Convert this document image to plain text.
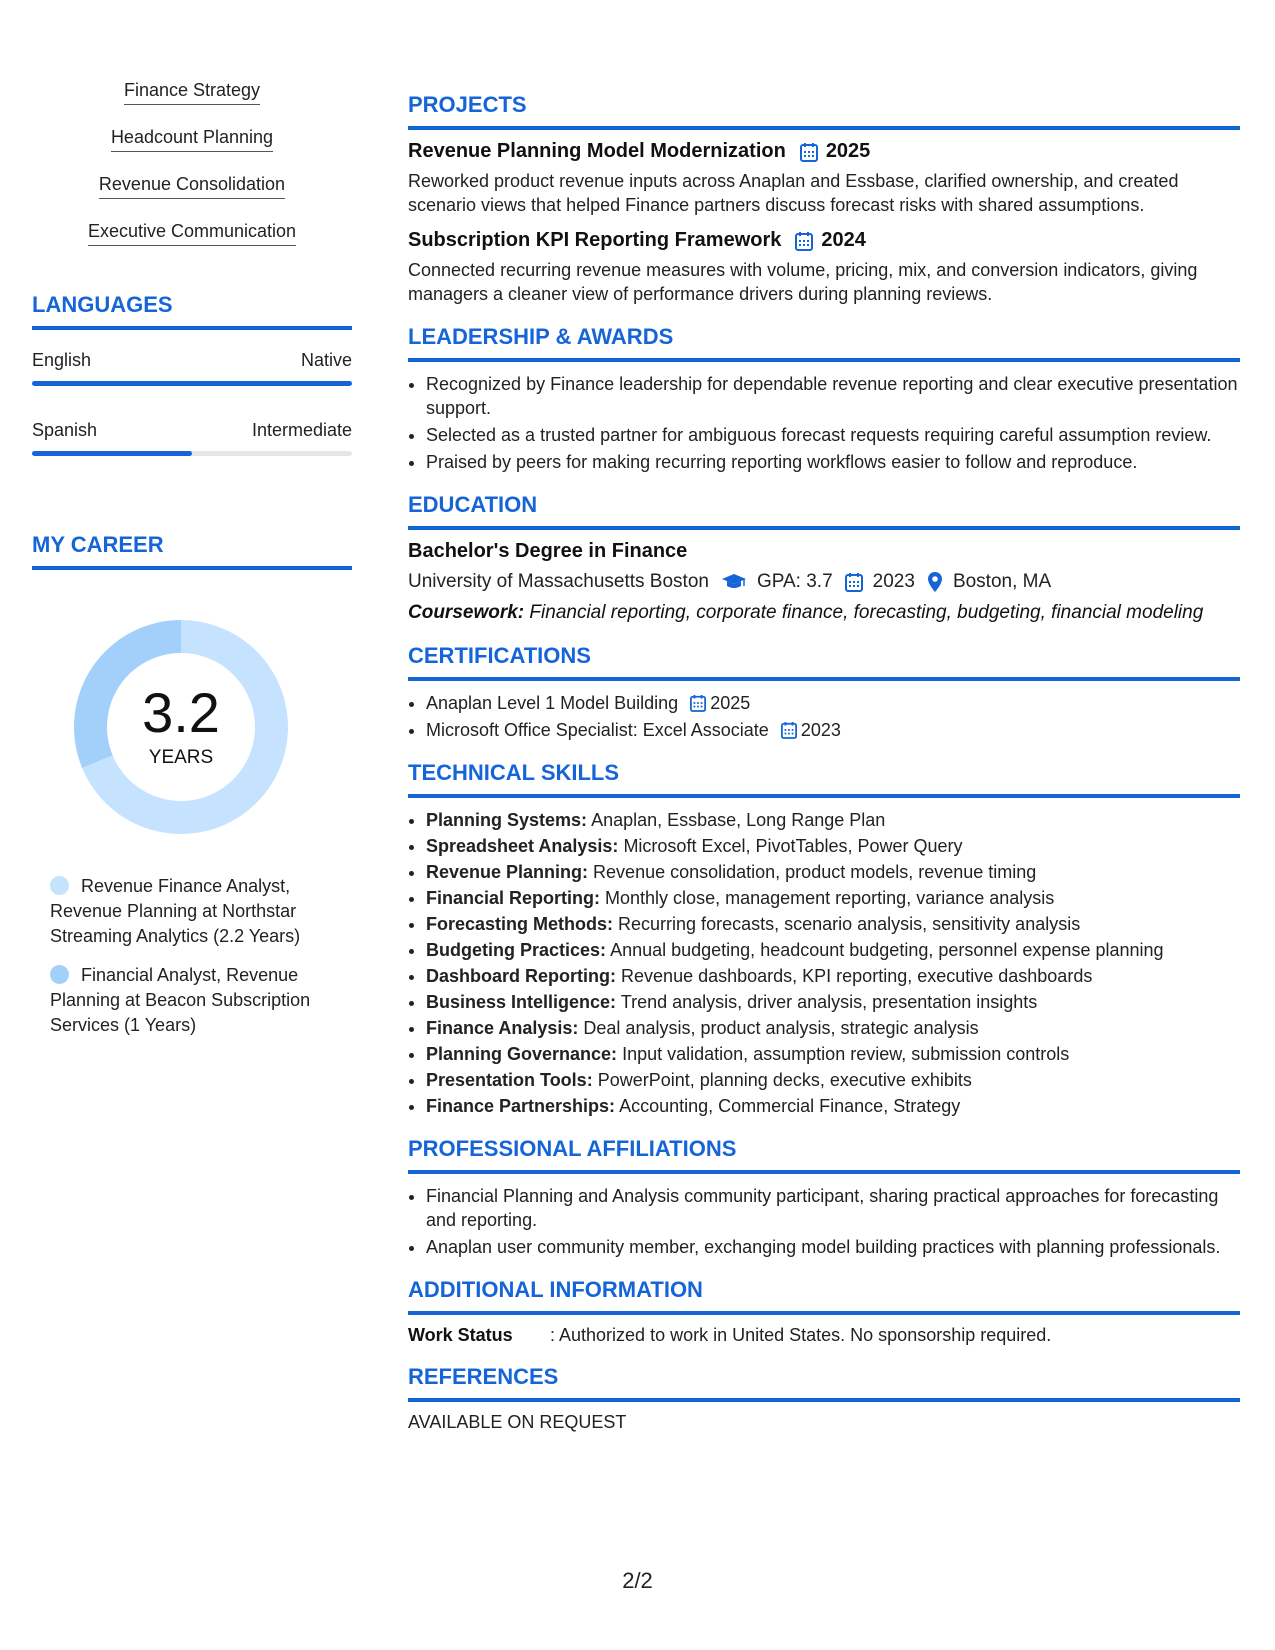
Finance Strategy
Headcount Planning
Revenue Consolidation
Executive Communication
LANGUAGES
English	Native
Spanish	Intermediate
MY CAREER
3.2
YEARS
Revenue Finance Analyst, Revenue Planning at Northstar Streaming Analytics (2.2 Years)
Financial Analyst, Revenue Planning at Beacon Subscription Services (1 Years)
PROJECTS
Revenue Planning Model Modernization 2025
Reworked product revenue inputs across Anaplan and Essbase, clarified ownership, and created scenario views that helped Finance partners discuss forecast risks with shared assumptions.
Subscription KPI Reporting Framework 2024
Connected recurring revenue measures with volume, pricing, mix, and conversion indicators, giving managers a cleaner view of performance drivers during planning reviews.
LEADERSHIP & AWARDS
• Recognized by Finance leadership for dependable revenue reporting and clear executive presentation support.
• Selected as a trusted partner for ambiguous forecast requests requiring careful assumption review.
• Praised by peers for making recurring reporting workflows easier to follow and reproduce.
EDUCATION
Bachelor's Degree in Finance
University of Massachusetts Boston	GPA: 3.7 2023 Boston, MA
Coursework: Financial reporting, corporate finance, forecasting, budgeting, financial modeling
CERTIFICATIONS
• Anaplan Level 1 Model Building 2025
• Microsoft Office Specialist: Excel Associate 2023
TECHNICAL SKILLS
• Planning Systems: Anaplan, Essbase, Long Range Plan
• Spreadsheet Analysis: Microsoft Excel, PivotTables, Power Query
• Revenue Planning: Revenue consolidation, product models, revenue timing
• Financial Reporting: Monthly close, management reporting, variance analysis
• Forecasting Methods: Recurring forecasts, scenario analysis, sensitivity analysis
• Budgeting Practices: Annual budgeting, headcount budgeting, personnel expense planning
• Dashboard Reporting: Revenue dashboards, KPI reporting, executive dashboards
• Business Intelligence: Trend analysis, driver analysis, presentation insights
• Finance Analysis: Deal analysis, product analysis, strategic analysis
• Planning Governance: Input validation, assumption review, submission controls
• Presentation Tools: PowerPoint, planning decks, executive exhibits
• Finance Partnerships: Accounting, Commercial Finance, Strategy
PROFESSIONAL AFFILIATIONS
• Financial Planning and Analysis community participant, sharing practical approaches for forecasting and reporting.
• Anaplan user community member, exchanging model building practices with planning professionals.
ADDITIONAL INFORMATION
Work Status	: Authorized to work in United States. No sponsorship required.
REFERENCES
AVAILABLE ON REQUEST
2/2
